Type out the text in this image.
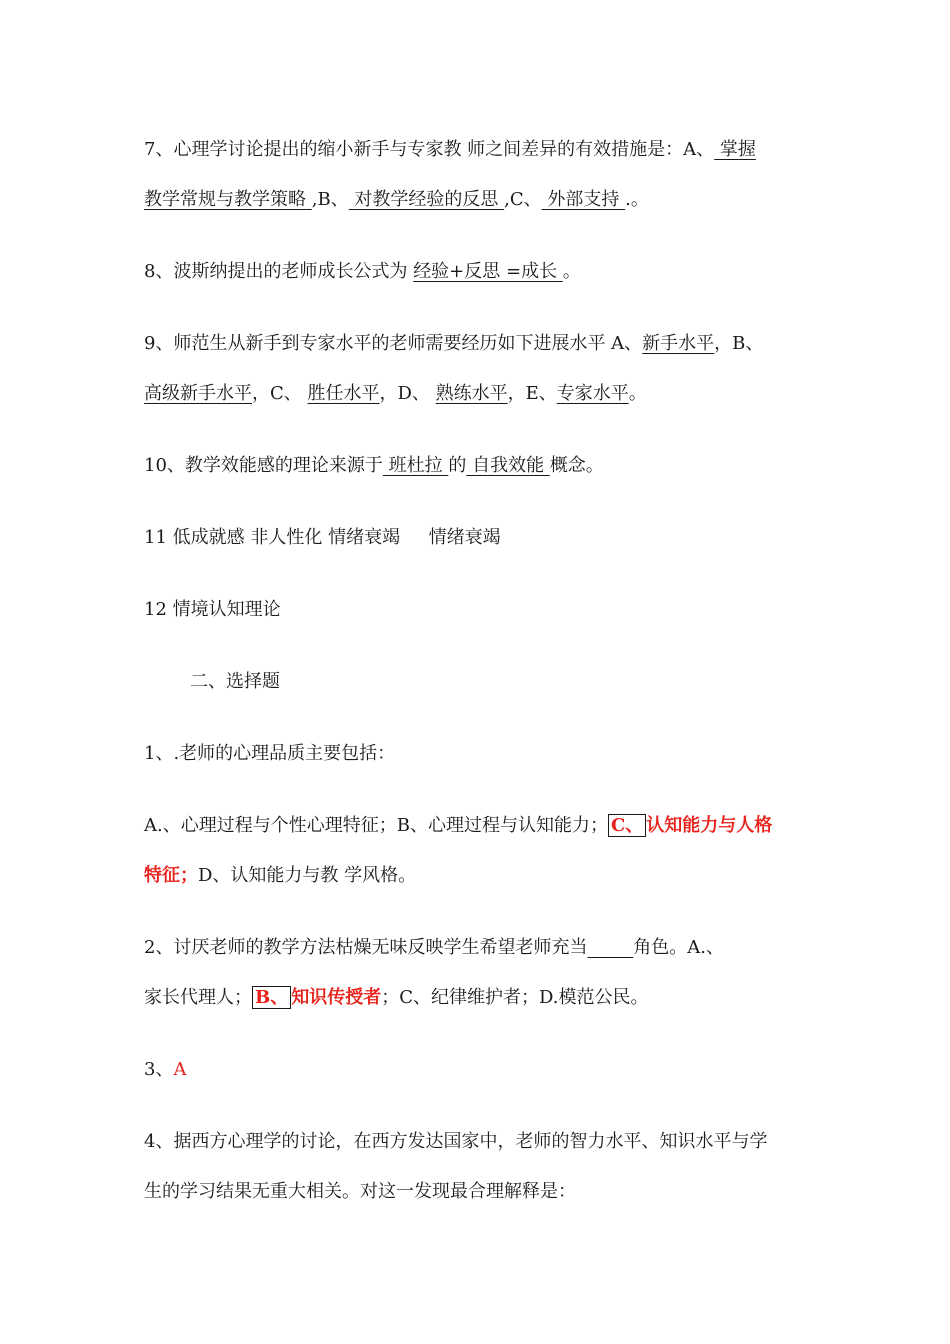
7、心理学讨论提出的缩小新手与专家教 师之间差异的有效措施是：A、 掌握
教学常规与教学策略 ,B、 对教学经验的反思 ,C、 外部支持 .。
8、波斯纳提出的老师成长公式为 经验+反思 =成长 。
9、师范生从新手到专家水平的老师需要经历如下进展水平 A、新手水平，B、
高级新手水平，C、 胜任水平，D、 熟练水平，E、专家水平。
10、教学效能感的理论来源于 班杜拉 的 自我效能 概念。
11 低成就感 非人性化 情绪衰竭     情绪衰竭
12 情境认知理论
二、选择题
1、.老师的心理品质主要包括：
A.、心理过程与个性心理特征；B、心理过程与认知能力； C、 认知能力与人格
特征；D、认知能力与教 学风格。
2、讨厌老师的教学方法枯燥无味反映学生希望老师充当	角色。A.、
家长代理人； B、 知识传授者；C、纪律维护者；D.模范公民。
3、A
4、据西方心理学的讨论，在西方发达国家中，老师的智力水平、知识水平与学
生的学习结果无重大相关。对这一发现最合理解释是：
